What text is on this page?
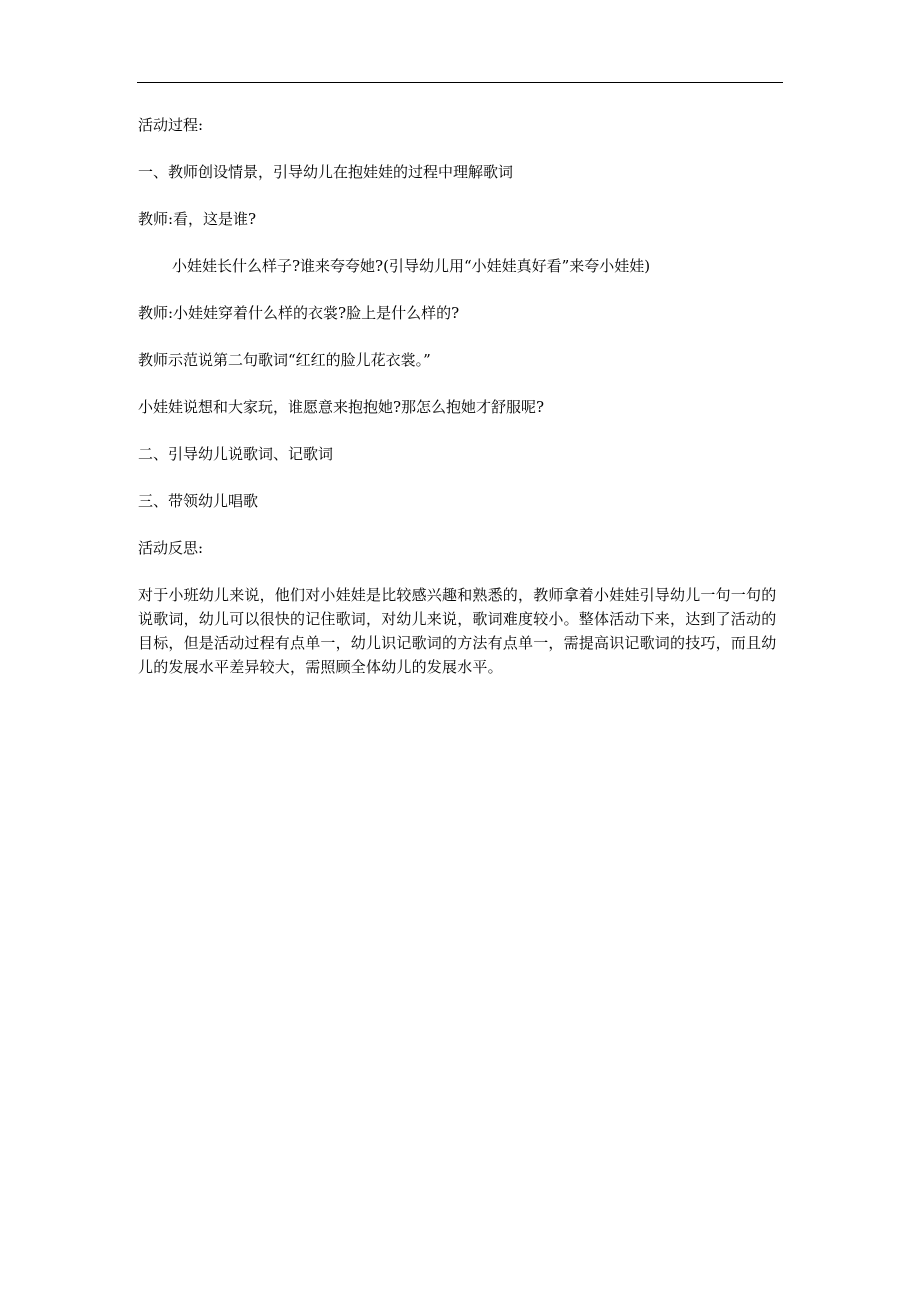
活动过程:

一、教师创设情景，引导幼儿在抱娃娃的过程中理解歌词

教师:看，这是谁?

小娃娃长什么样子?谁来夸夸她?(引导幼儿用“小娃娃真好看”来夸小娃娃)

教师:小娃娃穿着什么样的衣裳?脸上是什么样的?

教师示范说第二句歌词“红红的脸儿花衣裳。”

小娃娃说想和大家玩，谁愿意来抱抱她?那怎么抱她才舒服呢?

二、引导幼儿说歌词、记歌词

三、带领幼儿唱歌

活动反思:

对于小班幼儿来说，他们对小娃娃是比较感兴趣和熟悉的，教师拿着小娃娃引导幼儿一句一句的说歌词，幼儿可以很快的记住歌词，对幼儿来说，歌词难度较小。整体活动下来，达到了活动的目标，但是活动过程有点单一，幼儿识记歌词的方法有点单一，需提高识记歌词的技巧，而且幼儿的发展水平差异较大，需照顾全体幼儿的发展水平。
